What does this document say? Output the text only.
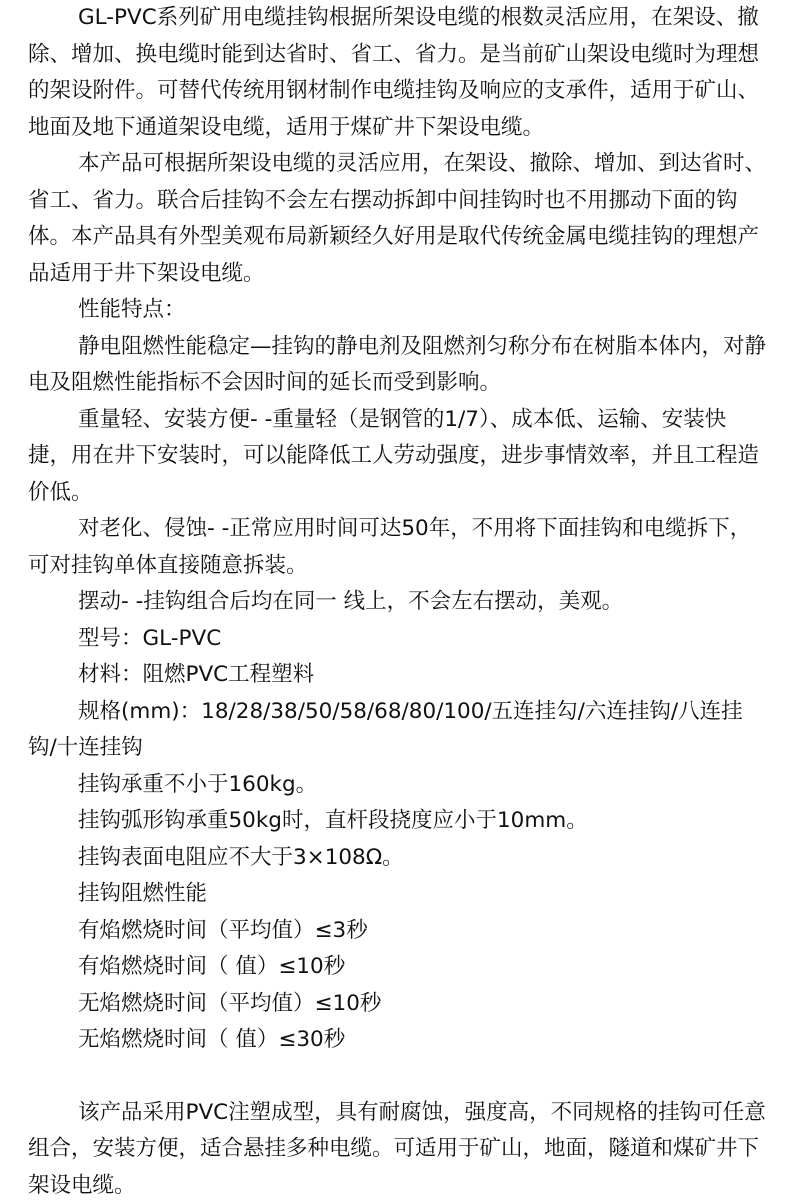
GL-PVC系列矿用电缆挂钩根据所架设电缆的根数灵活应用，在架设、撤除、增加、换电缆时能到达省时、省工、省力。是当前矿山架设电缆时为理想的架设附件。可替代传统用钢材制作电缆挂钩及响应的支承件，适用于矿山、地面及地下通道架设电缆，适用于煤矿井下架设电缆。

本产品可根据所架设电缆的灵活应用，在架设、撤除、增加、到达省时、省工、省力。联合后挂钩不会左右摆动拆卸中间挂钩时也不用挪动下面的钩体。本产品具有外型美观布局新颖经久好用是取代传统金属电缆挂钩的理想产品适用于井下架设电缆。

性能特点：

静电阻燃性能稳定—挂钩的静电剂及阻燃剂匀称分布在树脂本体内，对静电及阻燃性能指标不会因时间的延长而受到影响。

重量轻、安装方便- -重量轻（是钢管的1/7）、成本低、运输、安装快捷，用在井下安装时，可以能降低工人劳动强度，进步事情效率，并且工程造价低。

对老化、侵蚀- -正常应用时间可达50年，不用将下面挂钩和电缆拆下，可对挂钩单体直接随意拆装。

摆动- -挂钩组合后均在同一 线上，不会左右摆动，美观。

型号：GL-PVC

材料：阻燃PVC工程塑料

规格(mm)：18/28/38/50/58/68/80/100/五连挂勾/六连挂钩/八连挂钩/十连挂钩

挂钩承重不小于160kg。

挂钩弧形钩承重50kg时，直杆段挠度应小于10mm。

挂钩表面电阻应不大于3×108Ω。

挂钩阻燃性能

有焰燃烧时间（平均值）≤3秒

有焰燃烧时间（ 值）≤10秒

无焰燃烧时间（平均值）≤10秒

无焰燃烧时间（ 值）≤30秒

该产品采用PVC注塑成型，具有耐腐蚀，强度高，不同规格的挂钩可任意组合，安装方便，适合悬挂多种电缆。可适用于矿山，地面，隧道和煤矿井下架设电缆。
